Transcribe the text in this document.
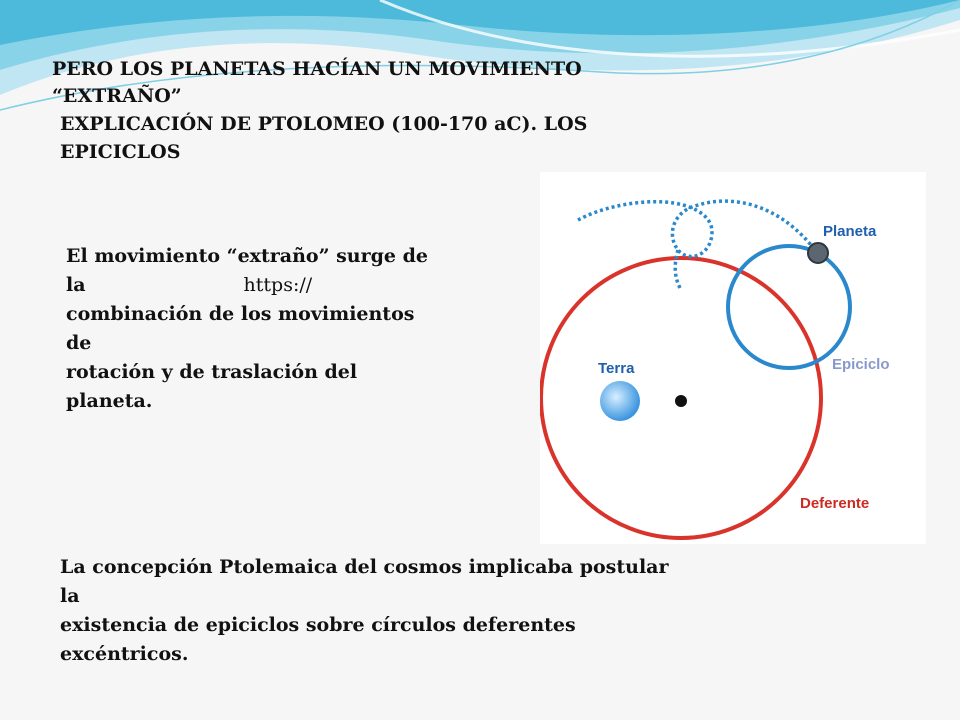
PERO LOS PLANETAS HACÍAN UN MOVIMIENTO
“EXTRAÑO”

EXPLICACIÓN DE PTOLOMEO (100-170 aC). LOS
EPICICLOS

El movimiento “extraño” surge de
la	https://
combinación de los movimientos
de
rotación y de traslación del
planeta.

Planeta
Terra	Epiciclo
Deferente

La concepción Ptolemaica del cosmos implicaba postular
la
existencia de epiciclos sobre círculos deferentes
excéntricos.
